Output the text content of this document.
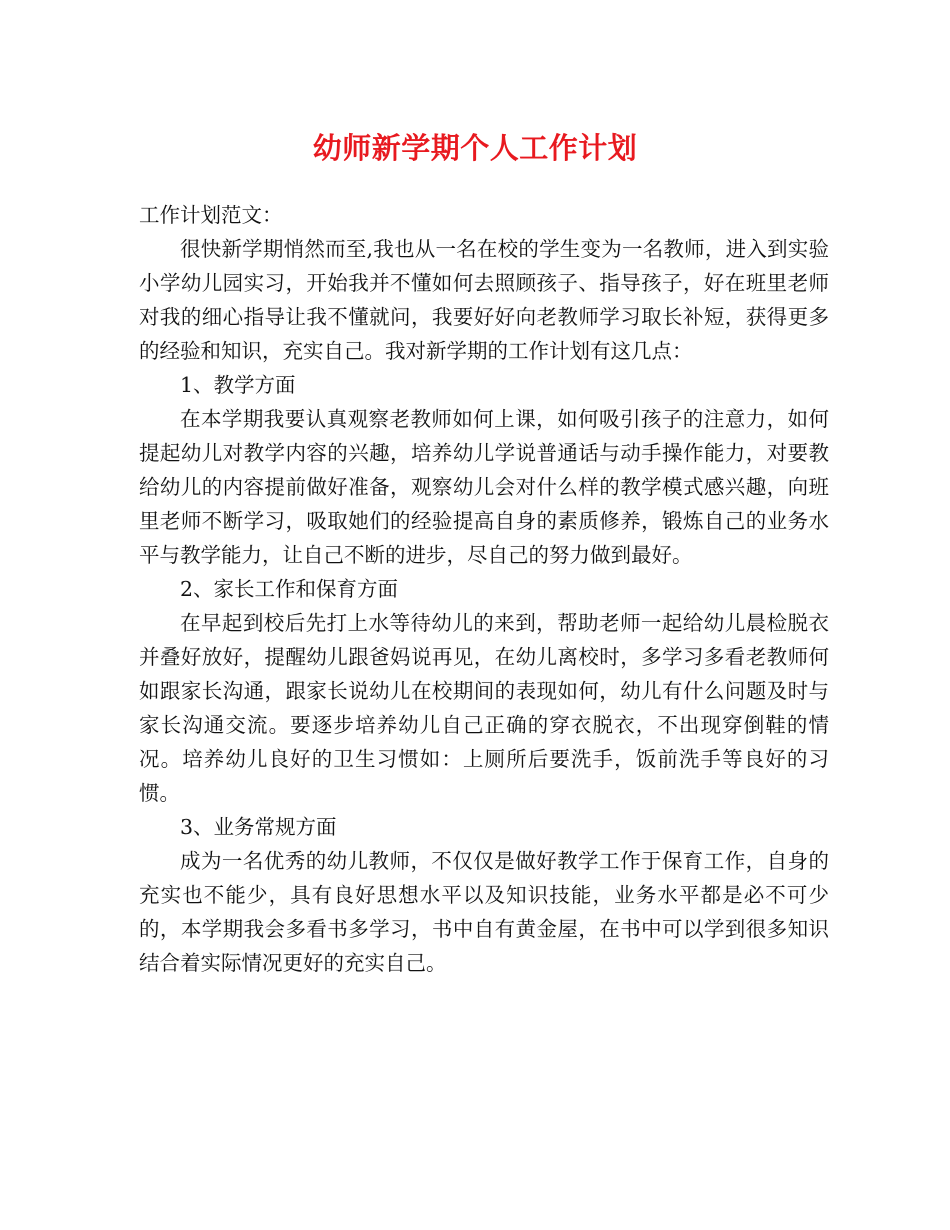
幼师新学期个人工作计划

工作计划范文：

很快新学期悄然而至,我也从一名在校的学生变为一名教师，进入到实验小学幼儿园实习，开始我并不懂如何去照顾孩子、指导孩子，好在班里老师对我的细心指导让我不懂就问，我要好好向老教师学习取长补短，获得更多的经验和知识，充实自己。我对新学期的工作计划有这几点：

1、教学方面

在本学期我要认真观察老教师如何上课，如何吸引孩子的注意力，如何提起幼儿对教学内容的兴趣，培养幼儿学说普通话与动手操作能力，对要教给幼儿的内容提前做好准备，观察幼儿会对什么样的教学模式感兴趣，向班里老师不断学习，吸取她们的经验提高自身的素质修养，锻炼自己的业务水平与教学能力，让自己不断的进步，尽自己的努力做到最好。

2、家长工作和保育方面

在早起到校后先打上水等待幼儿的来到，帮助老师一起给幼儿晨检脱衣并叠好放好，提醒幼儿跟爸妈说再见，在幼儿离校时，多学习多看老教师何如跟家长沟通，跟家长说幼儿在校期间的表现如何，幼儿有什么问题及时与家长沟通交流。要逐步培养幼儿自己正确的穿衣脱衣，不出现穿倒鞋的情况。培养幼儿良好的卫生习惯如：上厕所后要洗手，饭前洗手等良好的习惯。

3、业务常规方面

成为一名优秀的幼儿教师，不仅仅是做好教学工作于保育工作，自身的充实也不能少，具有良好思想水平以及知识技能，业务水平都是必不可少的，本学期我会多看书多学习，书中自有黄金屋，在书中可以学到很多知识结合着实际情况更好的充实自己。
